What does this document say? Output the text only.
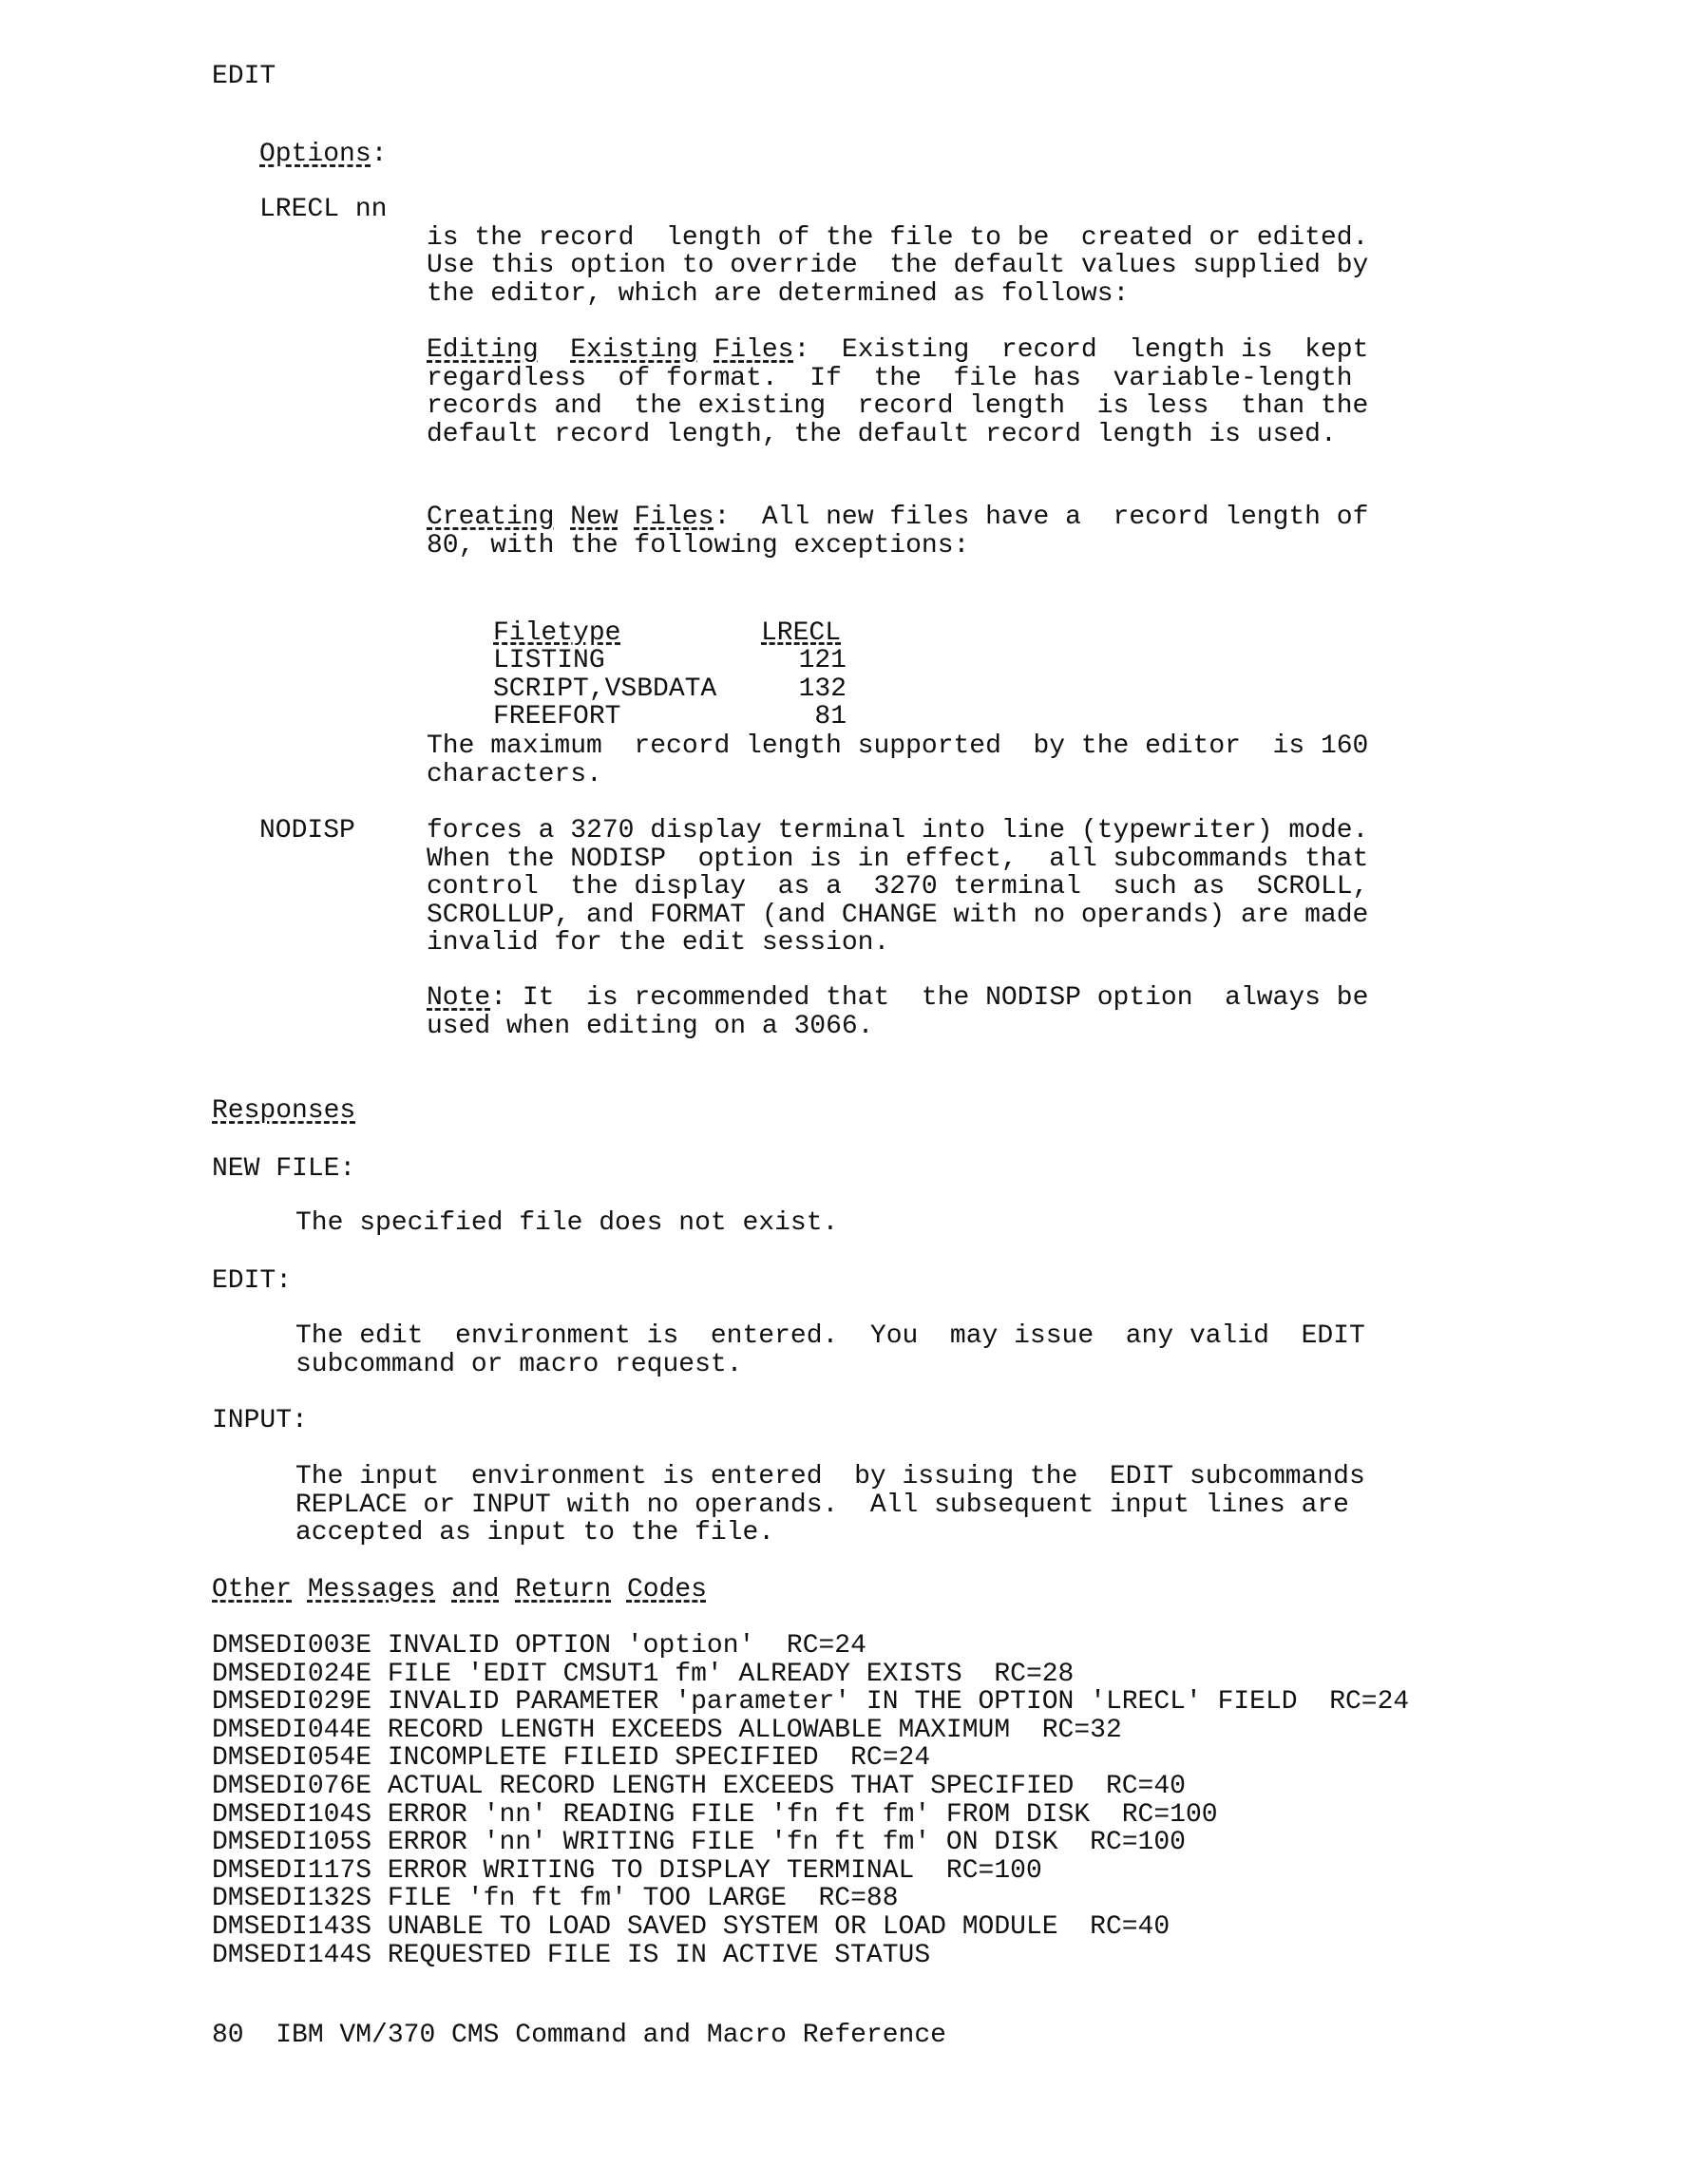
EDIT
Options:
LRECL nn

is the record  length of the file to be  created or edited.
Use this option to override  the default values supplied by
the editor, which are determined as follows:
Editing Existing Files:  Existing  record  length is  kept
regardless  of format.  If  the  file has  variable-length
records and  the existing  record length  is less  than the
default record length, the default record length is used.
Creating New Files:  All new files have a  record length of
80, with the following exceptions:

Filetype	LRECL
LISTING	121
SCRIPT,VSBDATA	132
FREEFORT	81
The maximum  record length supported  by the editor  is 160
characters.
NODISP	forces a 3270 display terminal into line (typewriter) mode.
When the NODISP  option is in effect,  all subcommands that
control  the display  as a  3270 terminal  such as  SCROLL,
SCROLLUP, and FORMAT (and CHANGE with no operands) are made
invalid for the edit session.
Note: It  is recommended that  the NODISP option  always be
used when editing on a 3066.
Responses
NEW FILE:
The specified file does not exist.
EDIT:
The edit  environment is  entered.  You  may issue  any valid  EDIT
subcommand or macro request.
INPUT:
The input  environment is entered  by issuing the  EDIT subcommands
REPLACE or INPUT with no operands.  All subsequent input lines are
accepted as input to the file.
Other Messages and Return Codes
DMSEDI003E INVALID OPTION 'option'  RC=24
DMSEDI024E FILE 'EDIT CMSUT1 fm' ALREADY EXISTS  RC=28
DMSEDI029E INVALID PARAMETER 'parameter' IN THE OPTION 'LRECL' FIELD  RC=24
DMSEDI044E RECORD LENGTH EXCEEDS ALLOWABLE MAXIMUM  RC=32
DMSEDI054E INCOMPLETE FILEID SPECIFIED  RC=24
DMSEDI076E ACTUAL RECORD LENGTH EXCEEDS THAT SPECIFIED  RC=40
DMSEDI104S ERROR 'nn' READING FILE 'fn ft fm' FROM DISK  RC=100
DMSEDI105S ERROR 'nn' WRITING FILE 'fn ft fm' ON DISK  RC=100
DMSEDI117S ERROR WRITING TO DISPLAY TERMINAL  RC=100
DMSEDI132S FILE 'fn ft fm' TOO LARGE  RC=88
DMSEDI143S UNABLE TO LOAD SAVED SYSTEM OR LOAD MODULE  RC=40
DMSEDI144S REQUESTED FILE IS IN ACTIVE STATUS
80 IBM VM/370 CMS Command and Macro Reference
